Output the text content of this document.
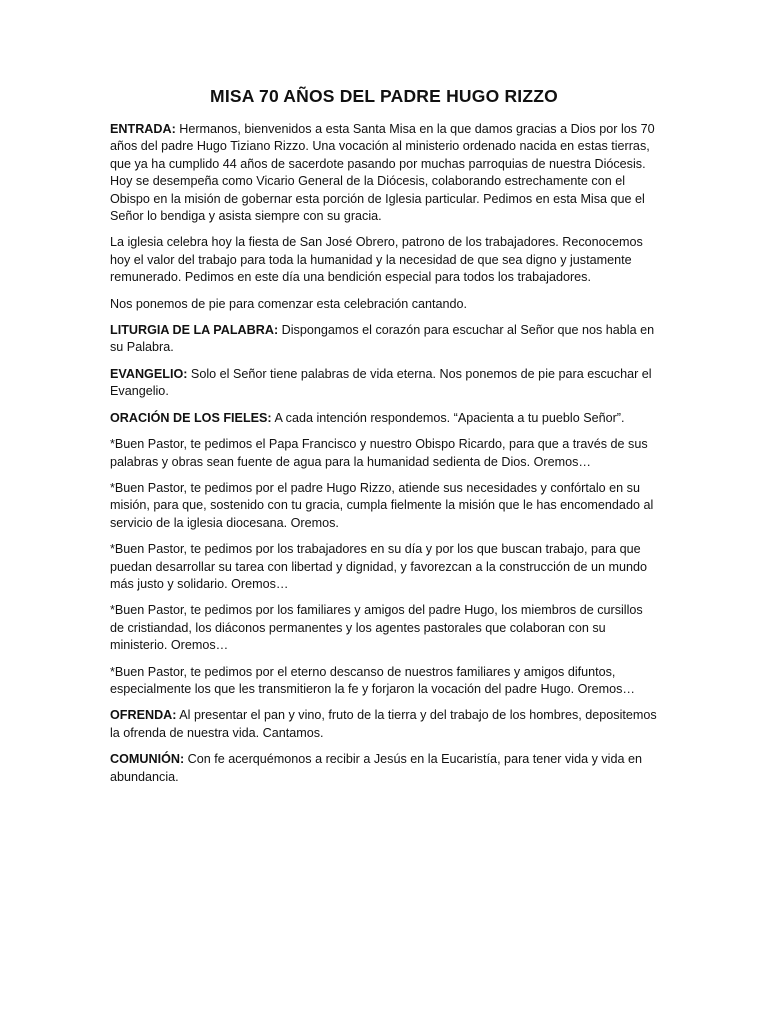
MISA 70 AÑOS DEL PADRE HUGO RIZZO

ENTRADA: Hermanos, bienvenidos a esta Santa Misa en la que damos gracias a Dios por los 70 años del padre Hugo Tiziano Rizzo. Una vocación al ministerio ordenado nacida en estas tierras, que ya ha cumplido 44 años de sacerdote pasando por muchas parroquias de nuestra Diócesis. Hoy se desempeña como Vicario General de la Diócesis, colaborando estrechamente con el Obispo en la misión de gobernar esta porción de Iglesia particular. Pedimos en esta Misa que el Señor lo bendiga y asista siempre con su gracia.

La iglesia celebra hoy la fiesta de San José Obrero, patrono de los trabajadores. Reconocemos hoy el valor del trabajo para toda la humanidad y la necesidad de que sea digno y justamente remunerado. Pedimos en este día una bendición especial para todos los trabajadores.

Nos ponemos de pie para comenzar esta celebración cantando.

LITURGIA DE LA PALABRA: Dispongamos el corazón para escuchar al Señor que nos habla en su Palabra.

EVANGELIO: Solo el Señor tiene palabras de vida eterna. Nos ponemos de pie para escuchar el Evangelio.

ORACIÓN DE LOS FIELES: A cada intención respondemos. “Apacienta a tu pueblo Señor”.

*Buen Pastor, te pedimos el Papa Francisco y nuestro Obispo Ricardo, para que a través de sus palabras y obras sean fuente de agua para la humanidad sedienta de Dios. Oremos…

*Buen Pastor, te pedimos por el padre Hugo Rizzo, atiende sus necesidades y confórtalo en su misión, para que, sostenido con tu gracia, cumpla fielmente la misión que le has encomendado al servicio de la iglesia diocesana. Oremos.

*Buen Pastor, te pedimos por los trabajadores en su día y por los que buscan trabajo, para que puedan desarrollar su tarea con libertad y dignidad, y favorezcan a la construcción de un mundo más justo y solidario. Oremos…

*Buen Pastor, te pedimos por los familiares y amigos del padre Hugo, los miembros de cursillos de cristiandad, los diáconos permanentes y los agentes pastorales que colaboran con su ministerio. Oremos…

*Buen Pastor, te pedimos por el eterno descanso de nuestros familiares y amigos difuntos, especialmente los que les transmitieron la fe y forjaron la vocación del padre Hugo. Oremos…

OFRENDA: Al presentar el pan y vino, fruto de la tierra y del trabajo de los hombres, depositemos la ofrenda de nuestra vida. Cantamos.

COMUNIÓN: Con fe acerquémonos a recibir a Jesús en la Eucaristía, para tener vida y vida en abundancia.
